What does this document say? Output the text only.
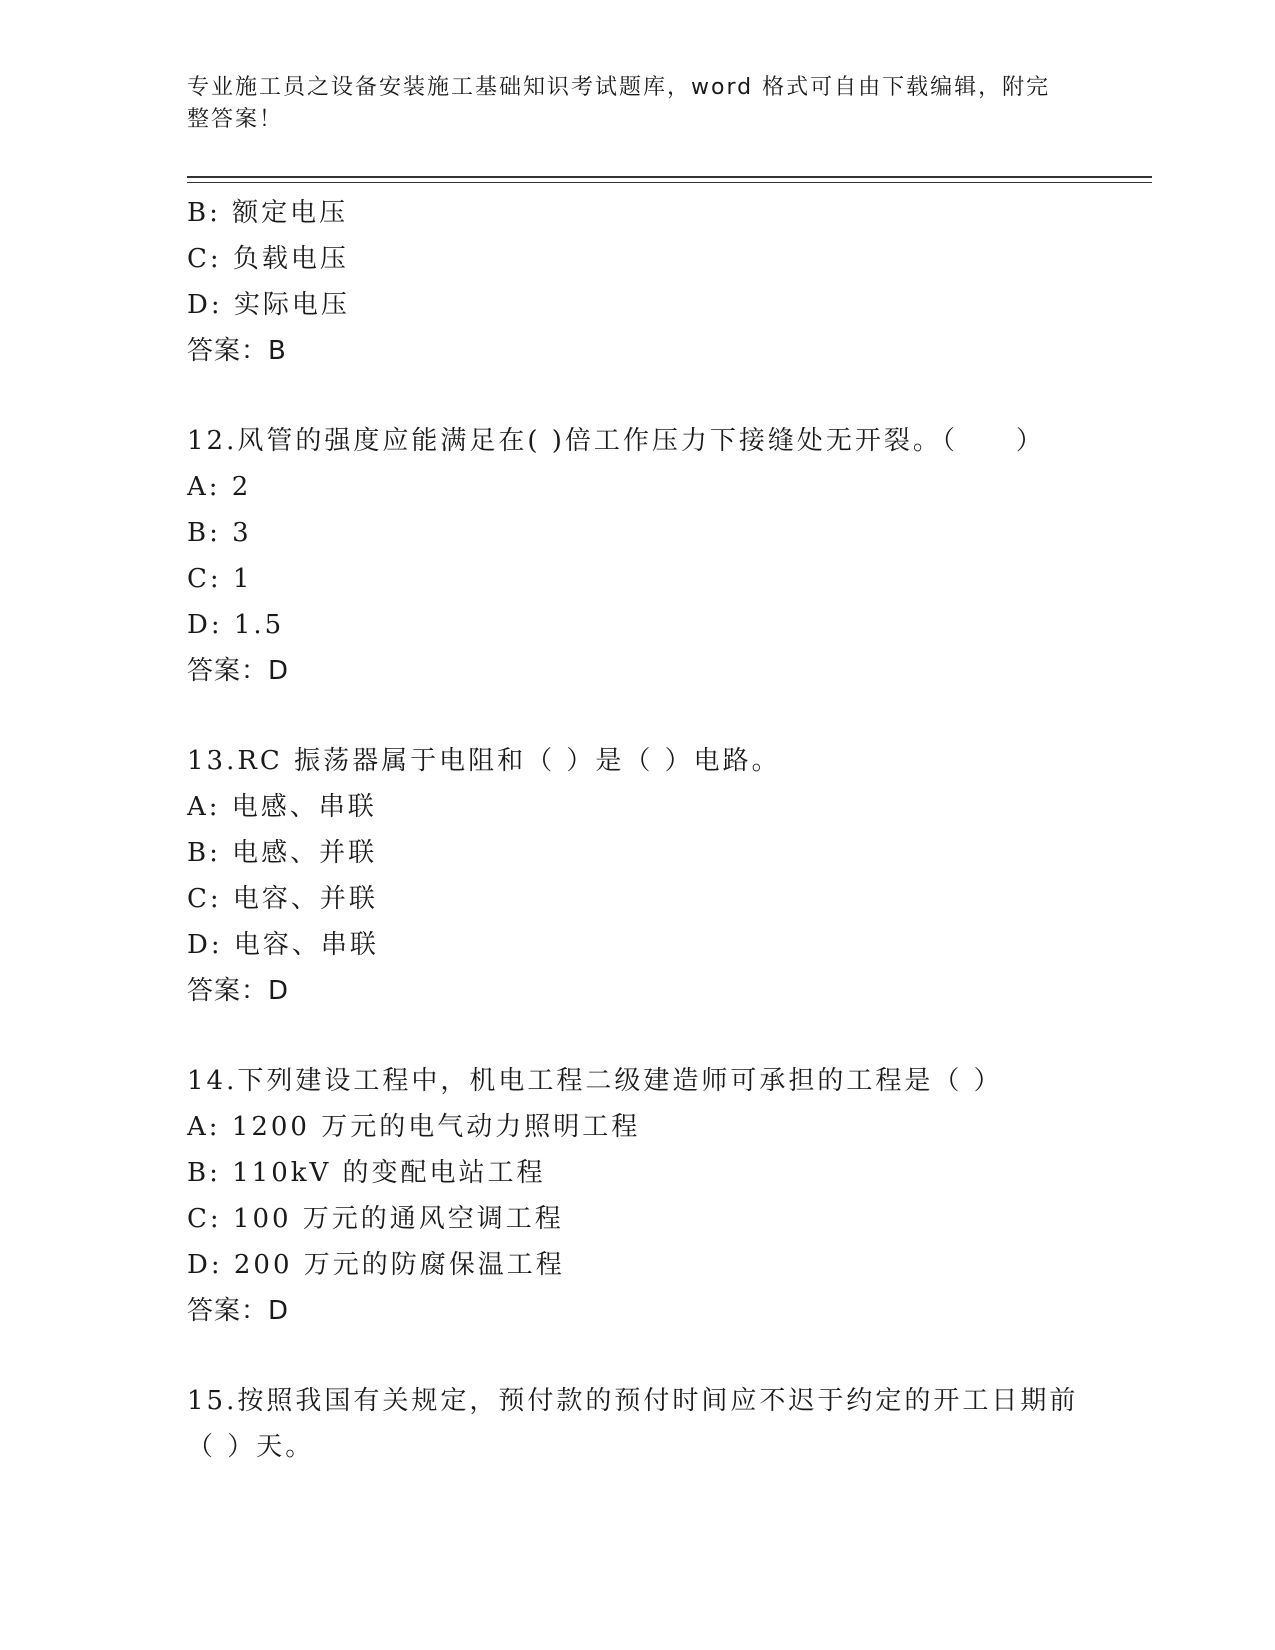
专业施工员之设备安装施工基础知识考试题库，word 格式可自由下载编辑，附完整答案！
B: 额定电压
C: 负载电压
D: 实际电压
答案：B
12.风管的强度应能满足在( )倍工作压力下接缝处无开裂。（　　）
A: 2
B: 3
C: 1
D: 1.5
答案：D
13.RC 振荡器属于电阻和（ ）是（ ）电路。
A: 电感、串联
B: 电感、并联
C: 电容、并联
D: 电容、串联
答案：D
14.下列建设工程中，机电工程二级建造师可承担的工程是（ ）
A: 1200 万元的电气动力照明工程
B: 110kV 的变配电站工程
C: 100 万元的通风空调工程
D: 200 万元的防腐保温工程
答案：D
15.按照我国有关规定，预付款的预付时间应不迟于约定的开工日期前
（ ）天。
